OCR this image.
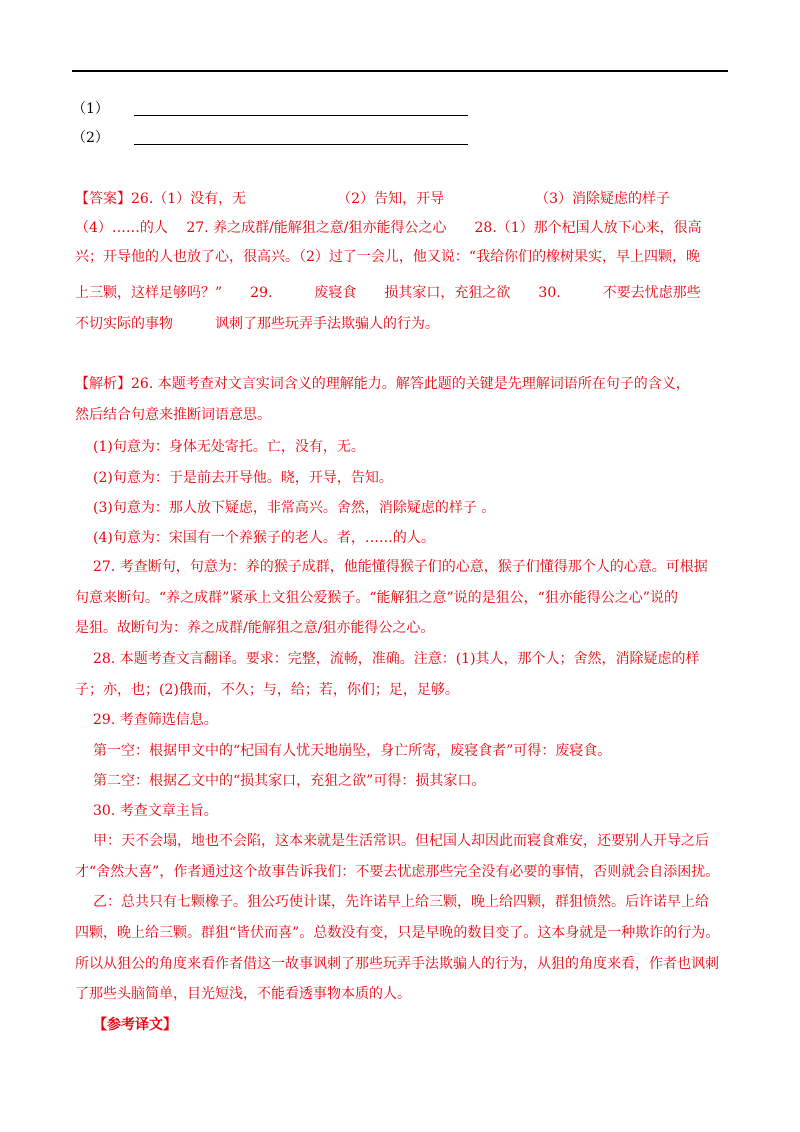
（1）
（2）
【答案】26.（1）没有，无　　　　　　　（2）告知，开导　　　　　　　（3）消除疑虑的样子
（4）……的人　 27. 养之成群/能解狙之意/狙亦能得公之心　　28.（1）那个杞国人放下心来，很高
兴；开导他的人也放了心，很高兴。（2）过了一会儿，他又说：“我给你们的橡树果实，早上四颗，晚
上三颗，这样足够吗？”　　29.　　　废寝食　　损其家口，充狙之欲　　30.　　　不要去忧虑那些
不切实际的事物　　　讽刺了那些玩弄手法欺骗人的行为。
【解析】26. 本题考查对文言实词含义的理解能力。解答此题的关键是先理解词语所在句子的含义，
然后结合句意来推断词语意思。
(1)句意为：身体无处寄托。亡，没有，无。
(2)句意为：于是前去开导他。晓，开导，告知。
(3)句意为：那人放下疑虑，非常高兴。舍然，消除疑虑的样子 。
(4)句意为：宋国有一个养猴子的老人。者，……的人。
27. 考查断句，句意为：养的猴子成群，他能懂得猴子们的心意，猴子们懂得那个人的心意。可根据
句意来断句。“养之成群”紧承上文狙公爱猴子。“能解狙之意”说的是狙公，“狙亦能得公之心”说的
是狙。故断句为：养之成群/能解狙之意/狙亦能得公之心。
28. 本题考查文言翻译。要求：完整，流畅，准确。注意：(1)其人，那个人；舍然，消除疑虑的样
子；亦，也；(2)俄而，不久；与，给；若，你们；足，足够。
29. 考查筛选信息。
第一空：根据甲文中的“杞国有人忧天地崩坠，身亡所寄，废寝食者”可得：废寝食。
第二空：根据乙文中的“损其家口，充狙之欲”可得：损其家口。
30. 考查文章主旨。
甲：天不会塌，地也不会陷，这本来就是生活常识。但杞国人却因此而寝食难安，还要别人开导之后
才“舍然大喜”，作者通过这个故事告诉我们：不要去忧虑那些完全没有必要的事情，否则就会自添困扰。
乙：总共只有七颗橡子。狙公巧使计谋，先许诺早上给三颗，晚上给四颗，群狙愤然。后许诺早上给
四颗，晚上给三颗。群狙“皆伏而喜”。总数没有变，只是早晚的数目变了。这本身就是一种欺诈的行为。
所以从狙公的角度来看作者借这一故事讽刺了那些玩弄手法欺骗人的行为，从狙的角度来看，作者也讽刺
了那些头脑简单，目光短浅，不能看透事物本质的人。
【参考译文】
